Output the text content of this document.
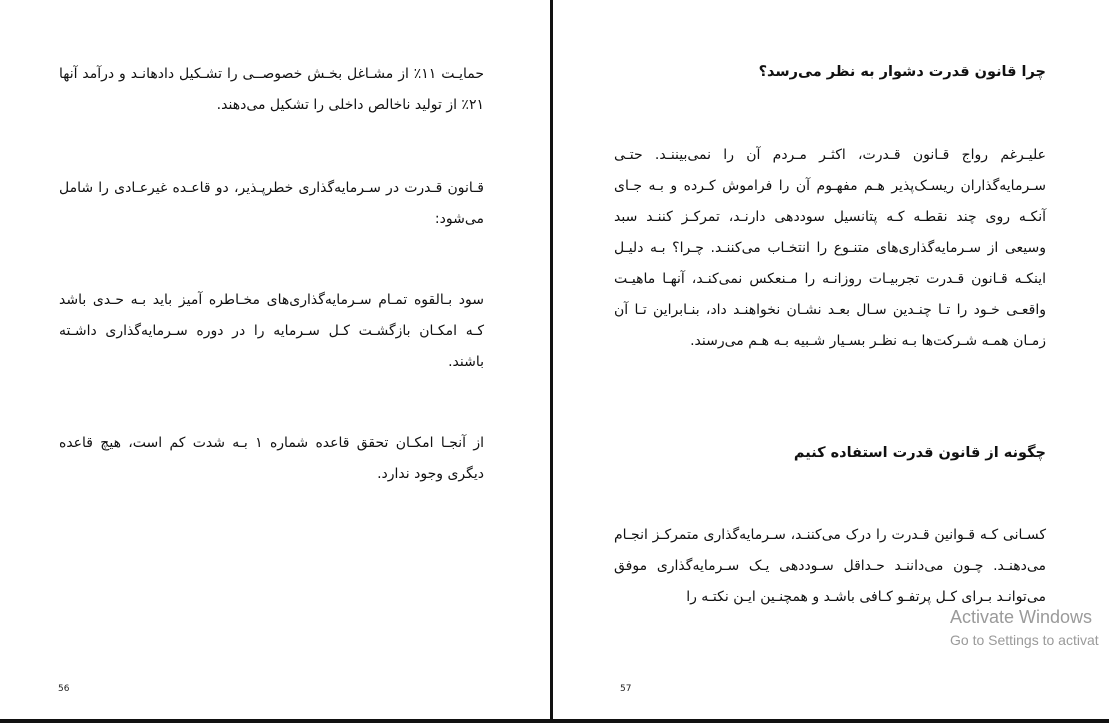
حمایـت ۱۱٪ از مشـاغل بخـش خصوصــی را تشـکیل دادهانـد و درآمد آنها ۲۱٪ از تولید ناخالص داخلی را تشکیل می‌دهند.

قـانون قـدرت در سـرمایه‌گذاری خطرپـذیر، دو قاعـده غیرعـادی را شامل می‌شود:

سود بـالقوه تمـام سـرمایه‌گذاری‌های مخـاطره آمیز باید بـه حـدی باشد کـه امکـان بازگشـت کـل سـرمایه را در دوره سـرمایه‌گذاری داشـته باشند.

از آنجـا امکـان تحقق قاعده شماره ۱ بـه شدت کم است، هیچ قاعده دیگری وجود ندارد.

56

چرا قانون قدرت دشوار به نظر می‌رسد؟

علیـرغم رواج قـانون قـدرت، اکثـر مـردم آن را نمی‌بیننـد. حتـی سـرمایه‌گذاران ریسـک‌پذیر هـم مفهـوم آن را فراموش کـرده و بـه جـای آنکـه روی چند نقطـه کـه پتانسیل سوددهی دارنـد، تمرکـز کننـد سبد وسیعی از سـرمایه‌گذاری‌های متنـوع را انتخـاب می‌کننـد. چـرا؟ بـه دلیـل اینکـه قـانون قـدرت تجربیـات روزانـه را مـنعکس نمی‌کنـد، آنهـا ماهیـت واقعـی خـود را تـا چنـدین سـال بعـد نشـان نخواهنـد داد، بنـابراین تـا آن زمـان همـه شـرکت‌ها بـه نظـر بسـیار شـبیه بـه هـم می‌رسند.

چگونه از قانون قدرت استفاده کنیم

کسـانی کـه قـوانین قـدرت را درک می‌کننـد، سـرمایه‌گذاری متمرکـز انجـام می‌دهنـد. چـون می‌داننـد حـداقل سـوددهی یـک سـرمایه‌گذاری موفق می‌توانـد بـرای کـل پرتفـو کـافی باشـد و همچنـین ایـن نکتـه را

57
Activate Windows
Go to Settings to activat
